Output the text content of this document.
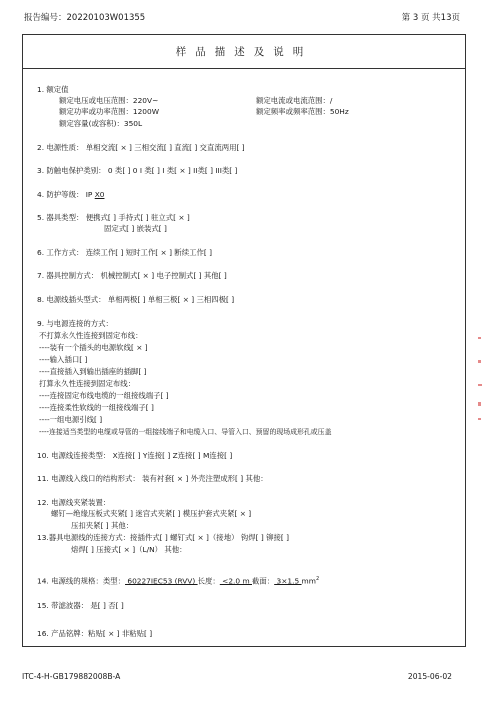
报告编号：20220103W01355	第 3 页 共13页
样品描述及说明
1. 额定值
额定电压或电压范围：220V~	额定电流或电流范围：/
额定功率或功率范围：1200W	额定频率或频率范围：50Hz
额定容量(或容积)：350L
2. 电源性质： 单相交流[ × ] 三相交流[ ] 直流[ ] 交直流两用[ ]
3. 防触电保护类别： 0 类[ ] 0 I 类[ ] I 类[ × ] II类[ ] III类[ ]
4. 防护等级： IP X0
5. 器具类型： 便携式[ ] 手持式[ ] 驻立式[ × ]
固定式[ ] 嵌装式[ ]
6. 工作方式： 连续工作[ ] 短时工作[ × ] 断续工作[ ]
7. 器具控制方式： 机械控制式[ × ] 电子控制式[ ] 其他[ ]
8. 电源线插头型式： 单相两极[ ] 单相三极[ × ] 三相四极[ ]
9. 与电源连接的方式：
不打算永久性连接到固定布线：
----装有一个插头的电源软线[ × ]
----输入插口[ ]
----直接插入到输出插座的插脚[ ]
打算永久性连接到固定布线：
----连接固定布线电缆的一组接线端子[ ]
----连接柔性软线的一组接线端子[ ]
----一组电源引线[ ]
----连接适当类型的电缆或导管的一组接线端子和电缆入口、导管入口、预留的现场成形孔或压盖
10. 电源线连接类型： X连接[ ] Y连接[ ] Z连接[ ] M连接[ ]
11. 电源线入线口的结构形式： 装有衬套[ × ] 外壳注塑成形[ ] 其他：
12. 电源线夹紧装置：
螺钉—绝缘压板式夹紧[ ] 迷宫式夹紧[ ] 模压护套式夹紧[ × ]
压扣夹紧[ ] 其他：
13.器具电源线的连接方式：接插件式[ ] 螺钉式[ × ]（接地） 钩焊[ ] 铆接[ ]
熔焊[ ] 压接式[ × ]（L/N） 其他：
14. 电源线的规格：类型： 60227IEC53 (RVV) 长度： <2.0 m 截面： 3×1.5 $mm^2$
15. 带滤波器： 是[ ] 否[ ]
16. 产品铭牌：粘贴[ × ] 非粘贴[ ]
ITC-4-H-GB179882008B-A	2015-06-02
